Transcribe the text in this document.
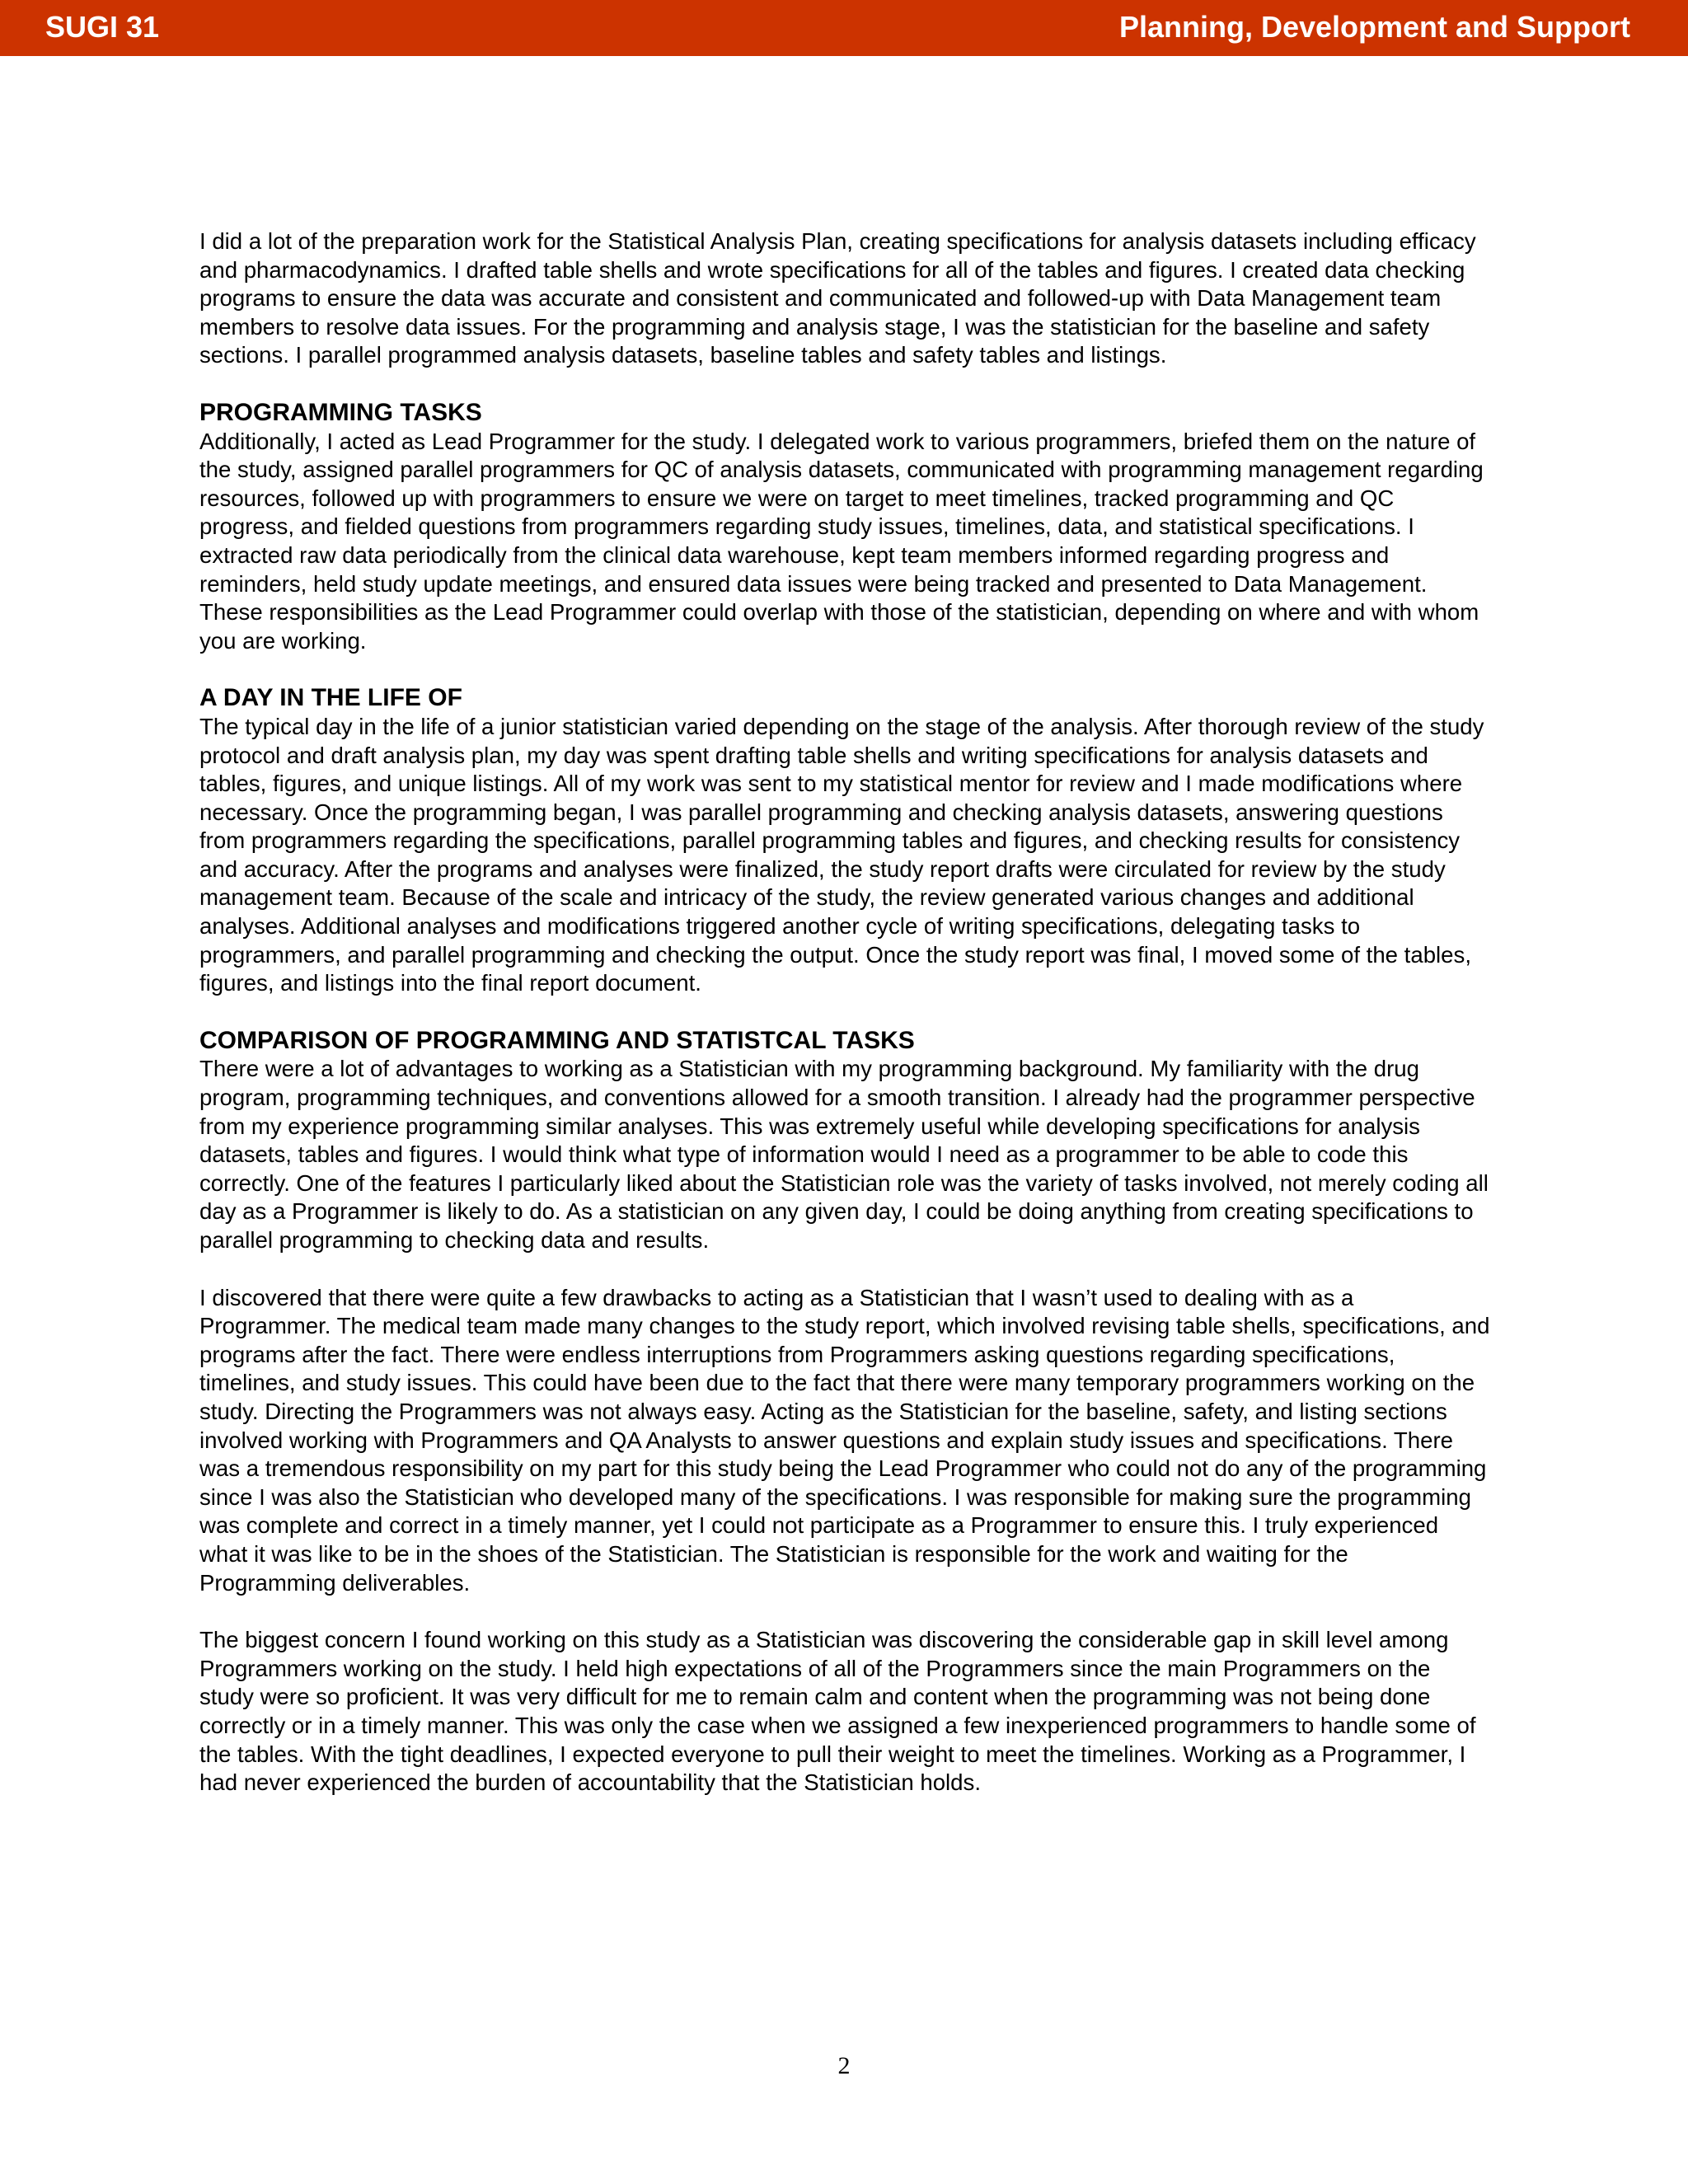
SUGI 31	Planning, Development and Support

I did a lot of the preparation work for the Statistical Analysis Plan, creating specifications for analysis datasets including efficacy and pharmacodynamics. I drafted table shells and wrote specifications for all of the tables and figures. I created data checking programs to ensure the data was accurate and consistent and communicated and followed-up with Data Management team members to resolve data issues. For the programming and analysis stage, I was the statistician for the baseline and safety sections. I parallel programmed analysis datasets, baseline tables and safety tables and listings.

PROGRAMMING TASKS

Additionally, I acted as Lead Programmer for the study. I delegated work to various programmers, briefed them on the nature of the study, assigned parallel programmers for QC of analysis datasets, communicated with programming management regarding resources, followed up with programmers to ensure we were on target to meet timelines, tracked programming and QC progress, and fielded questions from programmers regarding study issues, timelines, data, and statistical specifications. I extracted raw data periodically from the clinical data warehouse, kept team members informed regarding progress and reminders, held study update meetings, and ensured data issues were being tracked and presented to Data Management. These responsibilities as the Lead Programmer could overlap with those of the statistician, depending on where and with whom you are working.

A DAY IN THE LIFE OF

The typical day in the life of a junior statistician varied depending on the stage of the analysis. After thorough review of the study protocol and draft analysis plan, my day was spent drafting table shells and writing specifications for analysis datasets and tables, figures, and unique listings. All of my work was sent to my statistical mentor for review and I made modifications where necessary. Once the programming began, I was parallel programming and checking analysis datasets, answering questions from programmers regarding the specifications, parallel programming tables and figures, and checking results for consistency and accuracy. After the programs and analyses were finalized, the study report drafts were circulated for review by the study management team. Because of the scale and intricacy of the study, the review generated various changes and additional analyses. Additional analyses and modifications triggered another cycle of writing specifications, delegating tasks to programmers, and parallel programming and checking the output. Once the study report was final, I moved some of the tables, figures, and listings into the final report document.

COMPARISON OF PROGRAMMING AND STATISTCAL TASKS

There were a lot of advantages to working as a Statistician with my programming background. My familiarity with the drug program, programming techniques, and conventions allowed for a smooth transition. I already had the programmer perspective from my experience programming similar analyses. This was extremely useful while developing specifications for analysis datasets, tables and figures. I would think what type of information would I need as a programmer to be able to code this correctly. One of the features I particularly liked about the Statistician role was the variety of tasks involved, not merely coding all day as a Programmer is likely to do. As a statistician on any given day, I could be doing anything from creating specifications to parallel programming to checking data and results.

I discovered that there were quite a few drawbacks to acting as a Statistician that I wasn’t used to dealing with as a Programmer. The medical team made many changes to the study report, which involved revising table shells, specifications, and programs after the fact. There were endless interruptions from Programmers asking questions regarding specifications, timelines, and study issues. This could have been due to the fact that there were many temporary programmers working on the study. Directing the Programmers was not always easy. Acting as the Statistician for the baseline, safety, and listing sections involved working with Programmers and QA Analysts to answer questions and explain study issues and specifications. There was a tremendous responsibility on my part for this study being the Lead Programmer who could not do any of the programming since I was also the Statistician who developed many of the specifications. I was responsible for making sure the programming was complete and correct in a timely manner, yet I could not participate as a Programmer to ensure this. I truly experienced what it was like to be in the shoes of the Statistician. The Statistician is responsible for the work and waiting for the Programming deliverables.

The biggest concern I found working on this study as a Statistician was discovering the considerable gap in skill level among Programmers working on the study. I held high expectations of all of the Programmers since the main Programmers on the study were so proficient. It was very difficult for me to remain calm and content when the programming was not being done correctly or in a timely manner. This was only the case when we assigned a few inexperienced programmers to handle some of the tables. With the tight deadlines, I expected everyone to pull their weight to meet the timelines. Working as a Programmer, I had never experienced the burden of accountability that the Statistician holds.

2
